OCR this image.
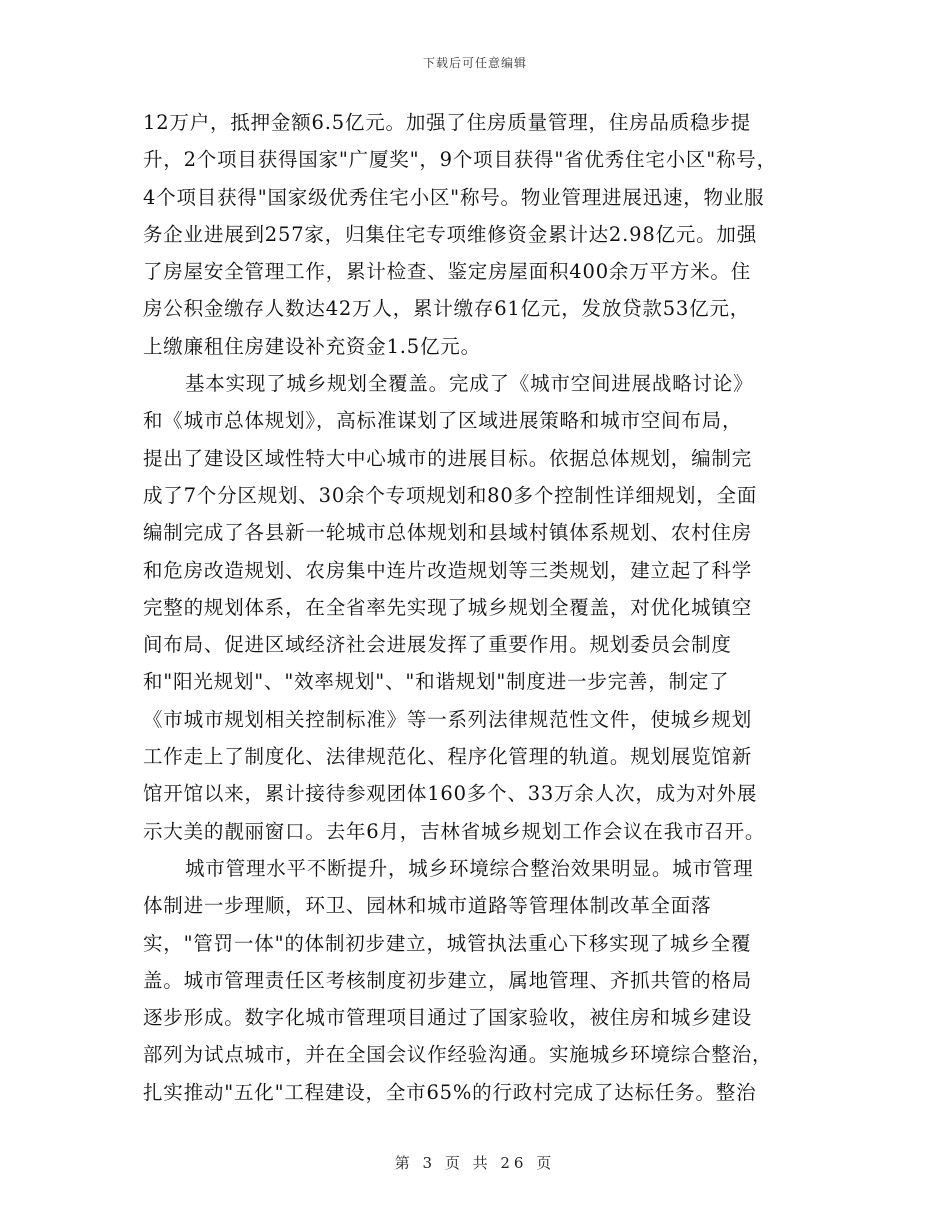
下载后可任意编辑
12万户，抵押金额6.5亿元。加强了住房质量管理，住房品质稳步提
升，2个项目获得国家"广厦奖"，9个项目获得"省优秀住宅小区"称号，
4个项目获得"国家级优秀住宅小区"称号。物业管理进展迅速，物业服
务企业进展到257家，归集住宅专项维修资金累计达2.98亿元。加强
了房屋安全管理工作，累计检查、鉴定房屋面积400余万平方米。住
房公积金缴存人数达42万人，累计缴存61亿元，发放贷款53亿元，
上缴廉租住房建设补充资金1.5亿元。
基本实现了城乡规划全覆盖。完成了《城市空间进展战略讨论》
和《城市总体规划》，高标准谋划了区域进展策略和城市空间布局，
提出了建设区域性特大中心城市的进展目标。依据总体规划，编制完
成了7个分区规划、30余个专项规划和80多个控制性详细规划，全面
编制完成了各县新一轮城市总体规划和县域村镇体系规划、农村住房
和危房改造规划、农房集中连片改造规划等三类规划，建立起了科学
完整的规划体系，在全省率先实现了城乡规划全覆盖，对优化城镇空
间布局、促进区域经济社会进展发挥了重要作用。规划委员会制度
和"阳光规划"、"效率规划"、"和谐规划"制度进一步完善，制定了
《市城市规划相关控制标准》等一系列法律规范性文件，使城乡规划
工作走上了制度化、法律规范化、程序化管理的轨道。规划展览馆新
馆开馆以来，累计接待参观团体160多个、33万余人次，成为对外展
示大美的靓丽窗口。去年6月，吉林省城乡规划工作会议在我市召开。
城市管理水平不断提升，城乡环境综合整治效果明显。城市管理
体制进一步理顺，环卫、园林和城市道路等管理体制改革全面落
实，"管罚一体"的体制初步建立，城管执法重心下移实现了城乡全覆
盖。城市管理责任区考核制度初步建立，属地管理、齐抓共管的格局
逐步形成。数字化城市管理项目通过了国家验收，被住房和城乡建设
部列为试点城市，并在全国会议作经验沟通。实施城乡环境综合整治，
扎实推动"五化"工程建设，全市65%的行政村完成了达标任务。整治
第 3 页 共 26 页
